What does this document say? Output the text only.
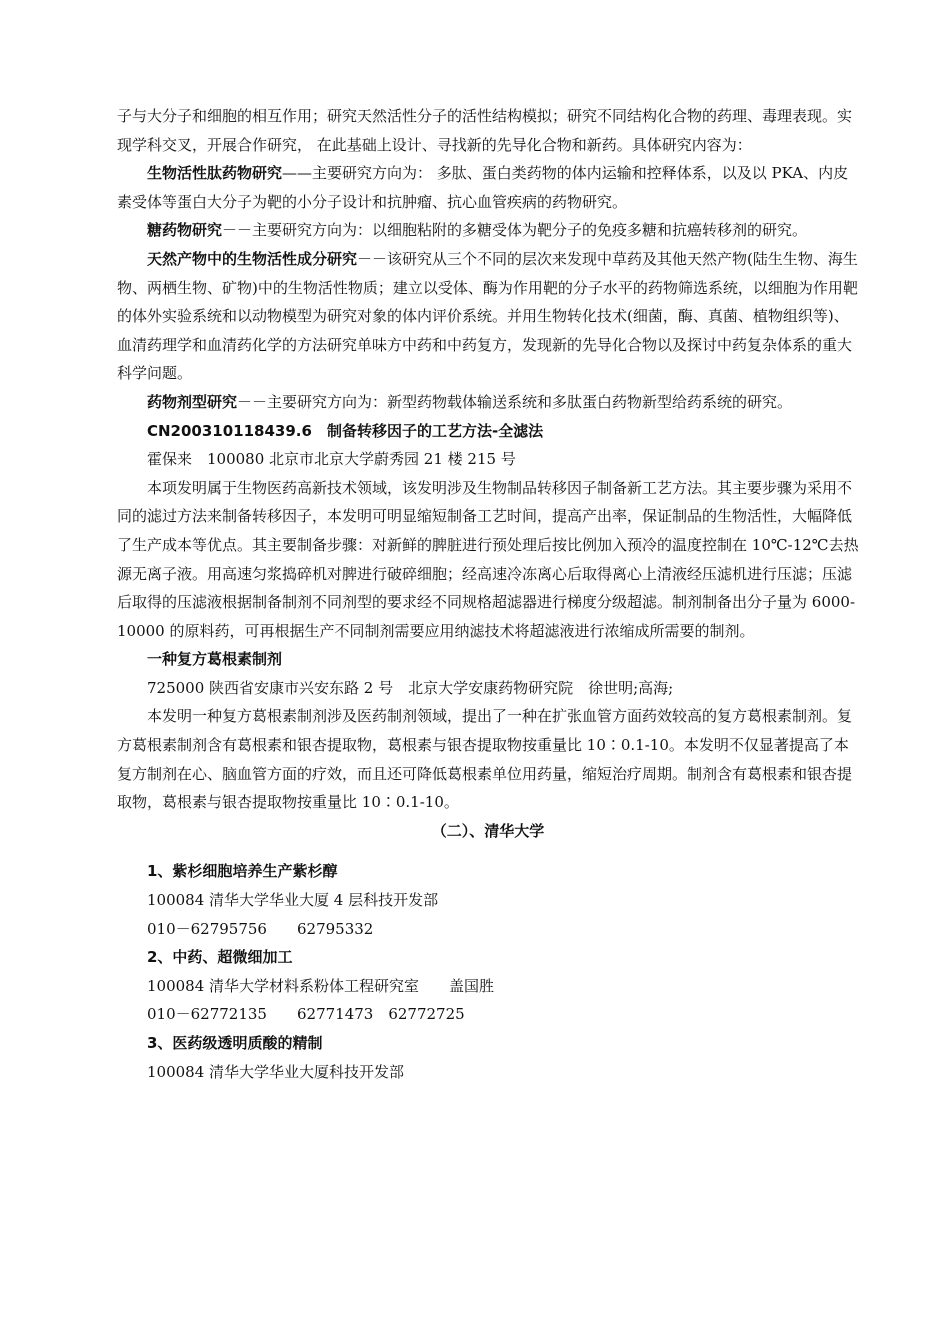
子与大分子和细胞的相互作用；研究天然活性分子的活性结构模拟；研究不同结构化合物的药理、毒理表现。实现学科交叉，开展合作研究， 在此基础上设计、寻找新的先导化合物和新药。具体研究内容为：

生物活性肽药物研究——主要研究方向为： 多肽、蛋白类药物的体内运输和控释体系，以及以 PKA、内皮素受体等蛋白大分子为靶的小分子设计和抗肿瘤、抗心血管疾病的药物研究。

糖药物研究－－主要研究方向为：以细胞粘附的多糖受体为靶分子的免疫多糖和抗癌转移剂的研究。

天然产物中的生物活性成分研究－－该研究从三个不同的层次来发现中草药及其他天然产物(陆生生物、海生物、两栖生物、矿物)中的生物活性物质；建立以受体、酶为作用靶的分子水平的药物筛选系统，以细胞为作用靶的体外实验系统和以动物模型为研究对象的体内评价系统。并用生物转化技术(细菌，酶、真菌、植物组织等)、血清药理学和血清药化学的方法研究单味方中药和中药复方，发现新的先导化合物以及探讨中药复杂体系的重大科学问题。

药物剂型研究－－主要研究方向为：新型药物载体输送系统和多肽蛋白药物新型给药系统的研究。

CN200310118439.6　制备转移因子的工艺方法-全滤法

霍保来　100080 北京市北京大学蔚秀园 21 楼 215 号

本项发明属于生物医药高新技术领域，该发明涉及生物制品转移因子制备新工艺方法。其主要步骤为采用不同的滤过方法来制备转移因子，本发明可明显缩短制备工艺时间，提高产出率，保证制品的生物活性，大幅降低了生产成本等优点。其主要制备步骤：对新鲜的脾脏进行预处理后按比例加入预冷的温度控制在 10℃-12℃去热源无离子液。用高速匀浆捣碎机对脾进行破碎细胞；经高速冷冻离心后取得离心上清液经压滤机进行压滤；压滤后取得的压滤液根据制备制剂不同剂型的要求经不同规格超滤器进行梯度分级超滤。制剂制备出分子量为 6000-10000 的原料药，可再根据生产不同制剂需要应用纳滤技术将超滤液进行浓缩成所需要的制剂。

一种复方葛根素制剂

725000 陕西省安康市兴安东路 2 号　北京大学安康药物研究院　徐世明;高海;

本发明一种复方葛根素制剂涉及医药制剂领域，提出了一种在扩张血管方面药效较高的复方葛根素制剂。复方葛根素制剂含有葛根素和银杏提取物，葛根素与银杏提取物按重量比 10∶0.1-10。本发明不仅显著提高了本复方制剂在心、脑血管方面的疗效，而且还可降低葛根素单位用药量，缩短治疗周期。制剂含有葛根素和银杏提取物，葛根素与银杏提取物按重量比 10∶0.1-10。

（二）、清华大学

1、紫杉细胞培养生产紫杉醇

100084 清华大学华业大厦 4 层科技开发部

010－62795756　　62795332

2、中药、超微细加工

100084 清华大学材料系粉体工程研究室　　盖国胜

010－62772135　　62771473　62772725

3、医药级透明质酸的精制

100084 清华大学华业大厦科技开发部
